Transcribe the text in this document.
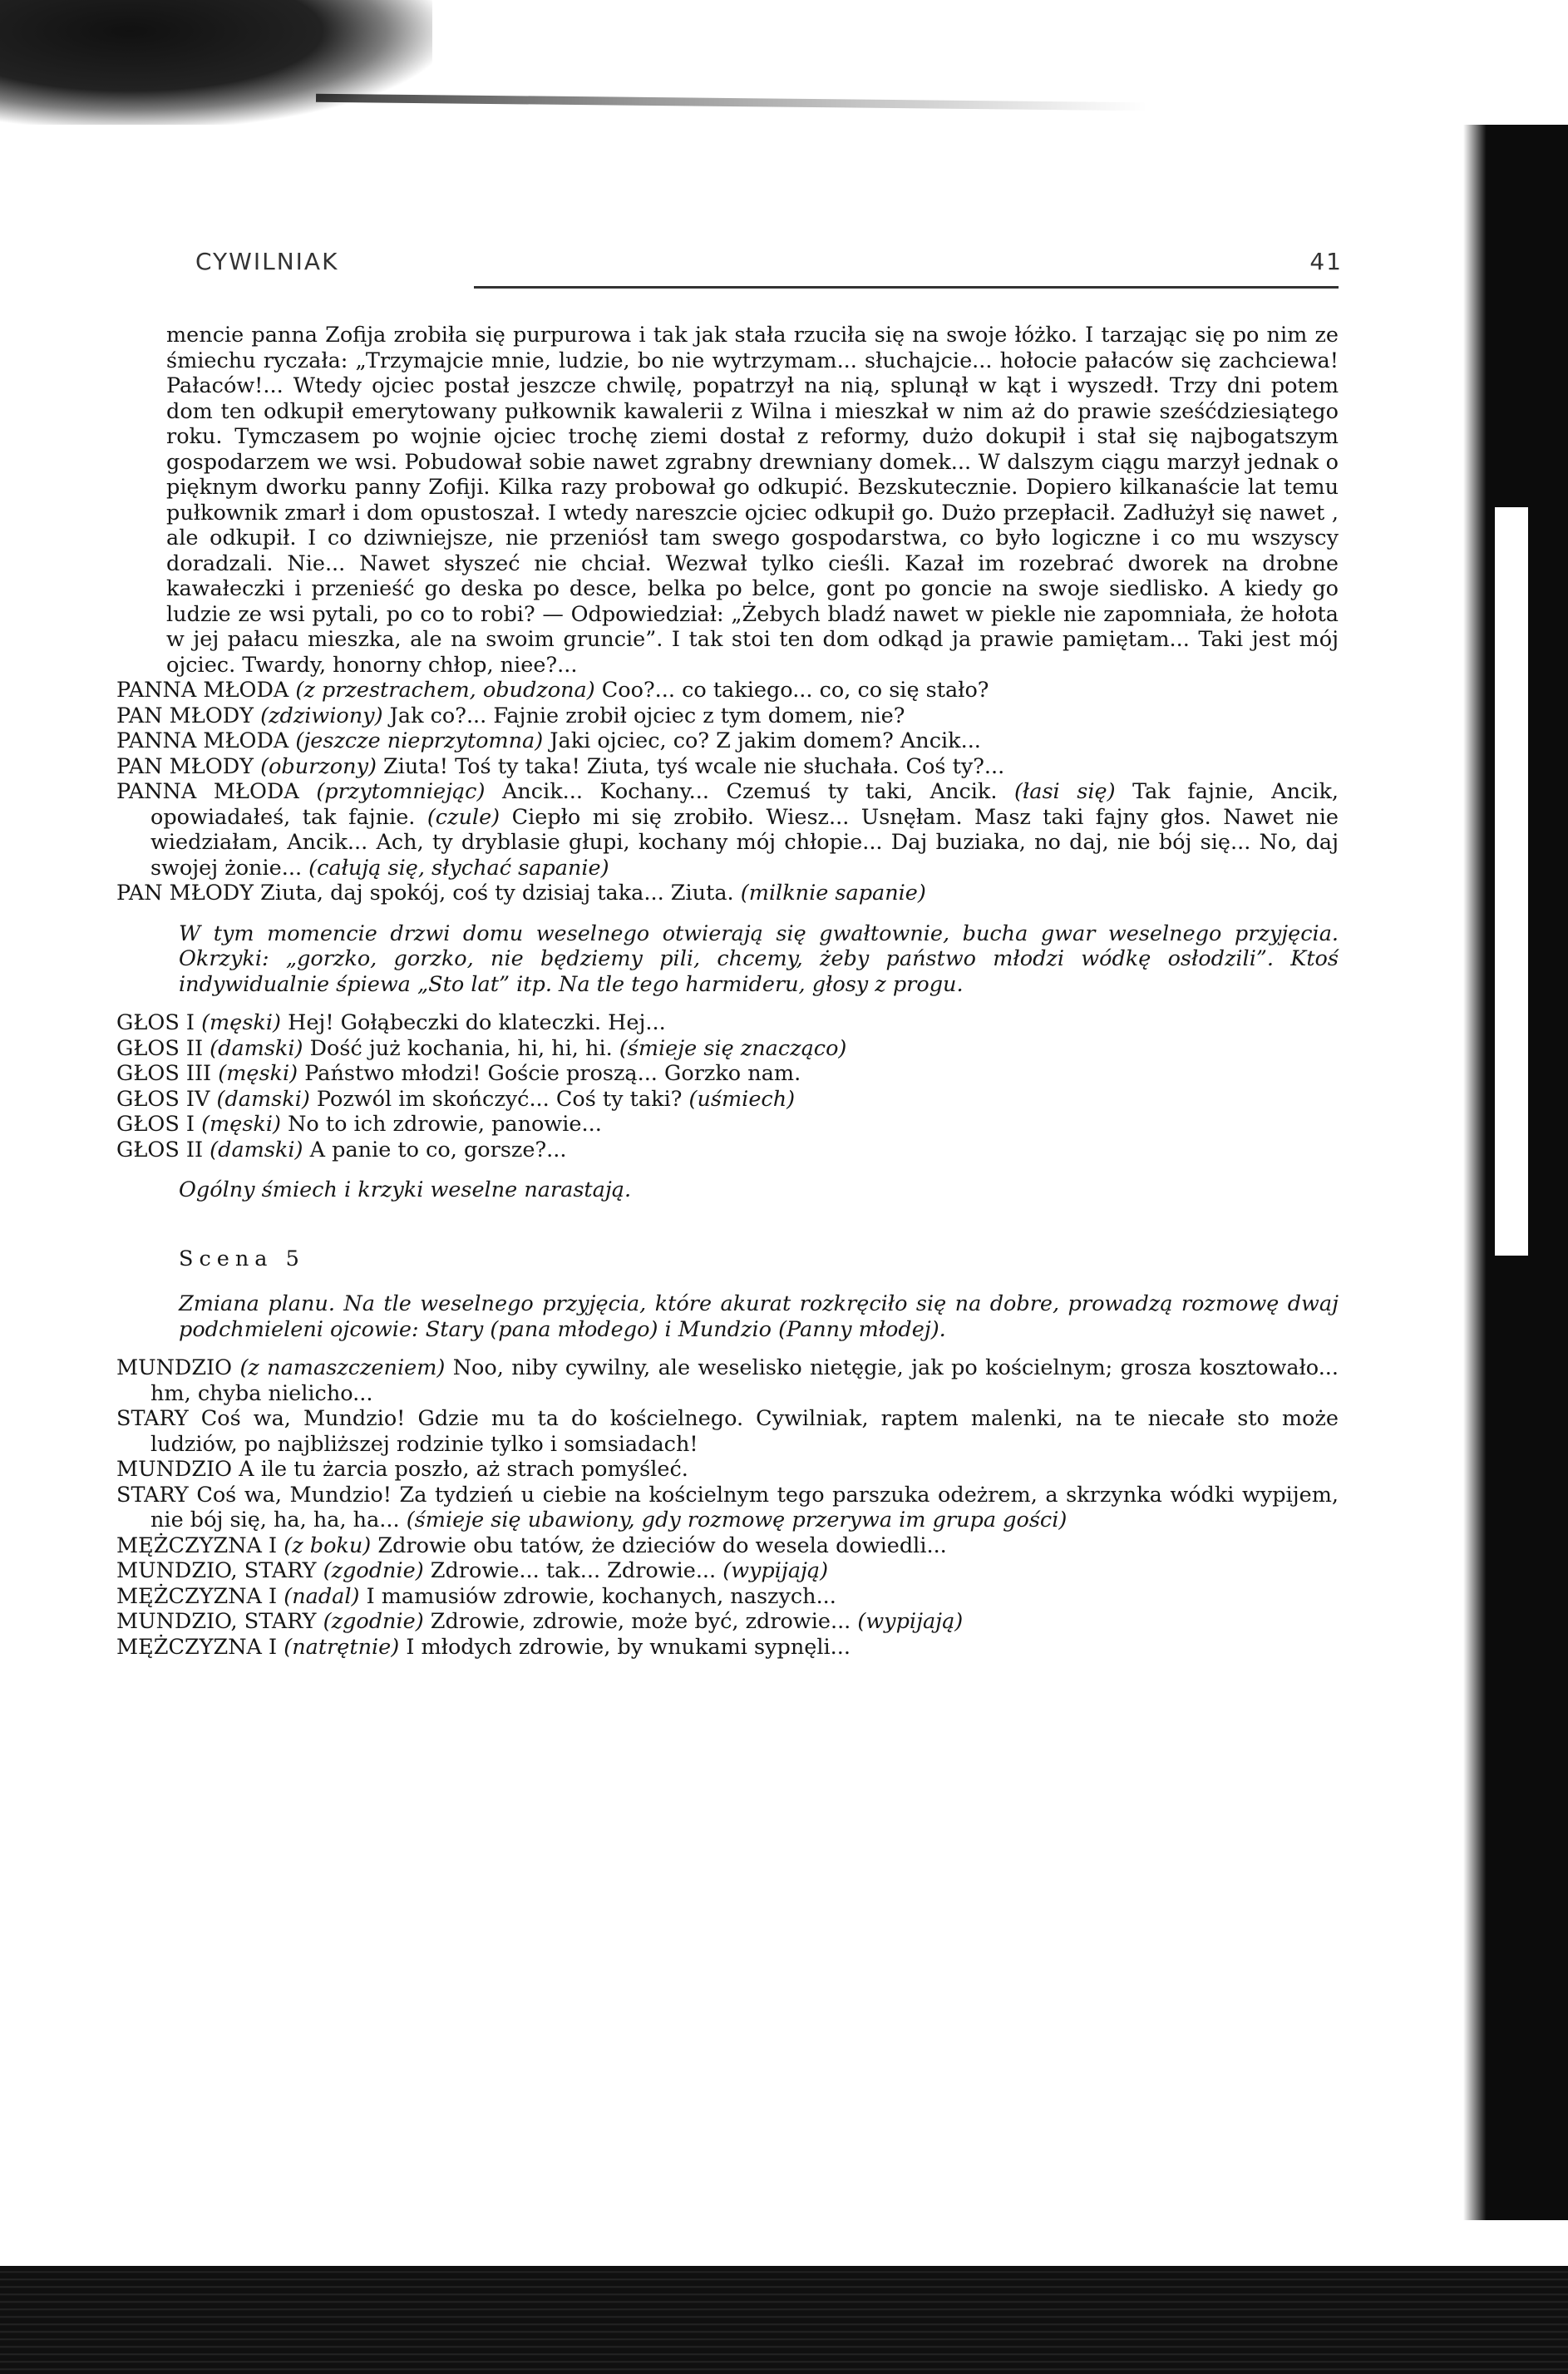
CYWILNIAK	41

mencie panna Zofija zrobiła się purpurowa i tak jak stała rzuciła się na swoje łóżko. I tarzając się po nim ze śmiechu ryczała: „Trzymajcie mnie, ludzie, bo nie wytrzymam... słuchajcie... hołocie pałaców się zachciewa! Pałaców!... Wtedy ojciec postał jeszcze chwilę, popatrzył na nią, splunął w kąt i wyszedł. Trzy dni potem dom ten odkupił emerytowany pułkownik kawalerii z Wilna i mieszkał w nim aż do prawie sześćdziesiątego roku. Tymczasem po wojnie ojciec trochę ziemi dostał z reformy, dużo dokupił i stał się najbogatszym gospodarzem we wsi. Pobudował sobie nawet zgrabny drewniany domek... W dalszym ciągu marzył jednak o pięknym dworku panny Zofiji. Kilka razy probował go odkupić. Bezskutecznie. Dopiero kilkanaście lat temu pułkownik zmarł i dom opustoszał. I wtedy nareszcie ojciec odkupił go. Dużo przepłacił. Zadłużył się nawet , ale odkupił. I co dziwniejsze, nie przeniósł tam swego gospodarstwa, co było logiczne i co mu wszyscy doradzali. Nie... Nawet słyszeć nie chciał. Wezwał tylko cieśli. Kazał im rozebrać dworek na drobne kawałeczki i przenieść go deska po desce, belka po belce, gont po goncie na swoje siedlisko. A kiedy go ludzie ze wsi pytali, po co to robi? — Odpowiedział: „Żebych bladź nawet w piekle nie zapomniała, że hołota w jej pałacu mieszka, ale na swoim gruncie”. I tak stoi ten dom odkąd ja prawie pamiętam... Taki jest mój ojciec. Twardy, honorny chłop, niee?...

PANNA MŁODA (z przestrachem, obudzona) Coo?... co takiego... co, co się stało?

PAN MŁODY (zdziwiony) Jak co?... Fajnie zrobił ojciec z tym domem, nie?

PANNA MŁODA (jeszcze nieprzytomna) Jaki ojciec, co? Z jakim domem? Ancik...

PAN MŁODY (oburzony) Ziuta! Toś ty taka! Ziuta, tyś wcale nie słuchała. Coś ty?...

PANNA MŁODA (przytomniejąc) Ancik... Kochany... Czemuś ty taki, Ancik. (łasi się) Tak fajnie, Ancik, opowiadałeś, tak fajnie. (czule) Ciepło mi się zrobiło. Wiesz... Usnęłam. Masz taki fajny głos. Nawet nie wiedziałam, Ancik... Ach, ty dryblasie głupi, kochany mój chłopie... Daj buziaka, no daj, nie bój się... No, daj swojej żonie... (całują się, słychać sapanie)

PAN MŁODY Ziuta, daj spokój, coś ty dzisiaj taka... Ziuta. (milknie sapanie)

W tym momencie drzwi domu weselnego otwierają się gwałtownie, bucha gwar weselnego przyjęcia. Okrzyki: „gorzko, gorzko, nie będziemy pili, chcemy, żeby państwo młodzi wódkę osłodzili”. Ktoś indywidualnie śpiewa „Sto lat” itp. Na tle tego harmideru, głosy z progu.

GŁOS I (męski) Hej! Gołąbeczki do klateczki. Hej...

GŁOS II (damski) Dość już kochania, hi, hi, hi. (śmieje się znacząco)

GŁOS III (męski) Państwo młodzi! Goście proszą... Gorzko nam.

GŁOS IV (damski) Pozwól im skończyć... Coś ty taki? (uśmiech)

GŁOS I (męski) No to ich zdrowie, panowie...

GŁOS II (damski) A panie to co, gorsze?...

Ogólny śmiech i krzyki weselne narastają.

Scena 5

Zmiana planu. Na tle weselnego przyjęcia, które akurat rozkręciło się na dobre, prowadzą rozmowę dwaj podchmieleni ojcowie: Stary (pana młodego) i Mundzio (Panny młodej).

MUNDZIO (z namaszczeniem) Noo, niby cywilny, ale weselisko nietęgie, jak po kościelnym; grosza kosztowało... hm, chyba nielicho...

STARY Coś wa, Mundzio! Gdzie mu ta do kościelnego. Cywilniak, raptem malenki, na te niecałe sto może ludziów, po najbliższej rodzinie tylko i somsiadach!

MUNDZIO A ile tu żarcia poszło, aż strach pomyśleć.

STARY Coś wa, Mundzio! Za tydzień u ciebie na kościelnym tego parszuka odeżrem, a skrzynka wódki wypijem, nie bój się, ha, ha, ha... (śmieje się ubawiony, gdy rozmowę przerywa im grupa gości)

MĘŻCZYZNA I (z boku) Zdrowie obu tatów, że dzieciów do wesela dowiedli...

MUNDZIO, STARY (zgodnie) Zdrowie... tak... Zdrowie... (wypijają)

MĘŻCZYZNA I (nadal) I mamusiów zdrowie, kochanych, naszych...

MUNDZIO, STARY (zgodnie) Zdrowie, zdrowie, może być, zdrowie... (wypijają)

MĘŻCZYZNA I (natrętnie) I młodych zdrowie, by wnukami sypnęli...
